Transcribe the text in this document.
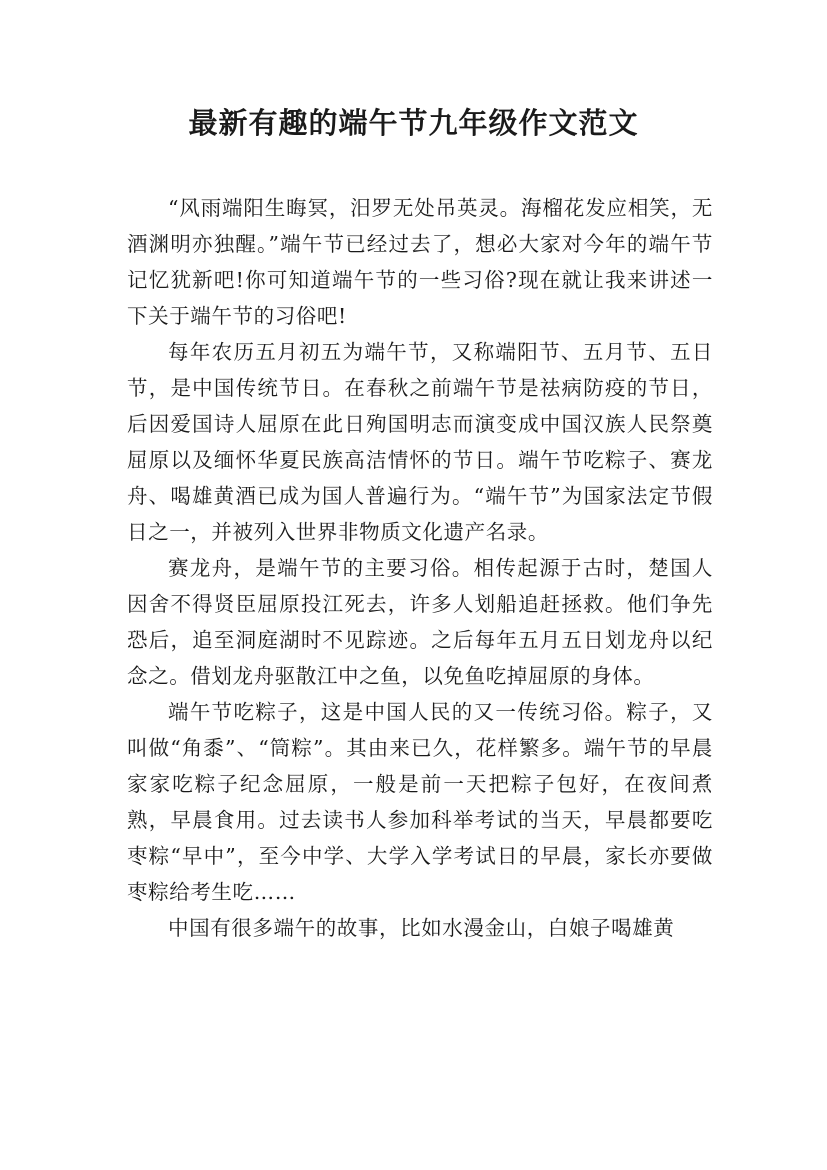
最新有趣的端午节九年级作文范文

“风雨端阳生晦冥，汨罗无处吊英灵。海榴花发应相笑，无酒渊明亦独醒。”端午节已经过去了，想必大家对今年的端午节记忆犹新吧!你可知道端午节的一些习俗?现在就让我来讲述一下关于端午节的习俗吧!

每年农历五月初五为端午节，又称端阳节、五月节、五日节，是中国传统节日。在春秋之前端午节是祛病防疫的节日，后因爱国诗人屈原在此日殉国明志而演变成中国汉族人民祭奠屈原以及缅怀华夏民族高洁情怀的节日。端午节吃粽子、赛龙舟、喝雄黄酒已成为国人普遍行为。“端午节”为国家法定节假日之一，并被列入世界非物质文化遗产名录。

赛龙舟，是端午节的主要习俗。相传起源于古时，楚国人因舍不得贤臣屈原投江死去，许多人划船追赶拯救。他们争先恐后，追至洞庭湖时不见踪迹。之后每年五月五日划龙舟以纪念之。借划龙舟驱散江中之鱼，以免鱼吃掉屈原的身体。

端午节吃粽子，这是中国人民的又一传统习俗。粽子，又叫做“角黍”、“筒粽”。其由来已久，花样繁多。端午节的早晨家家吃粽子纪念屈原，一般是前一天把粽子包好，在夜间煮熟，早晨食用。过去读书人参加科举考试的当天，早晨都要吃枣粽“早中”，至今中学、大学入学考试日的早晨，家长亦要做枣粽给考生吃……

中国有很多端午的故事，比如水漫金山，白娘子喝雄黄
